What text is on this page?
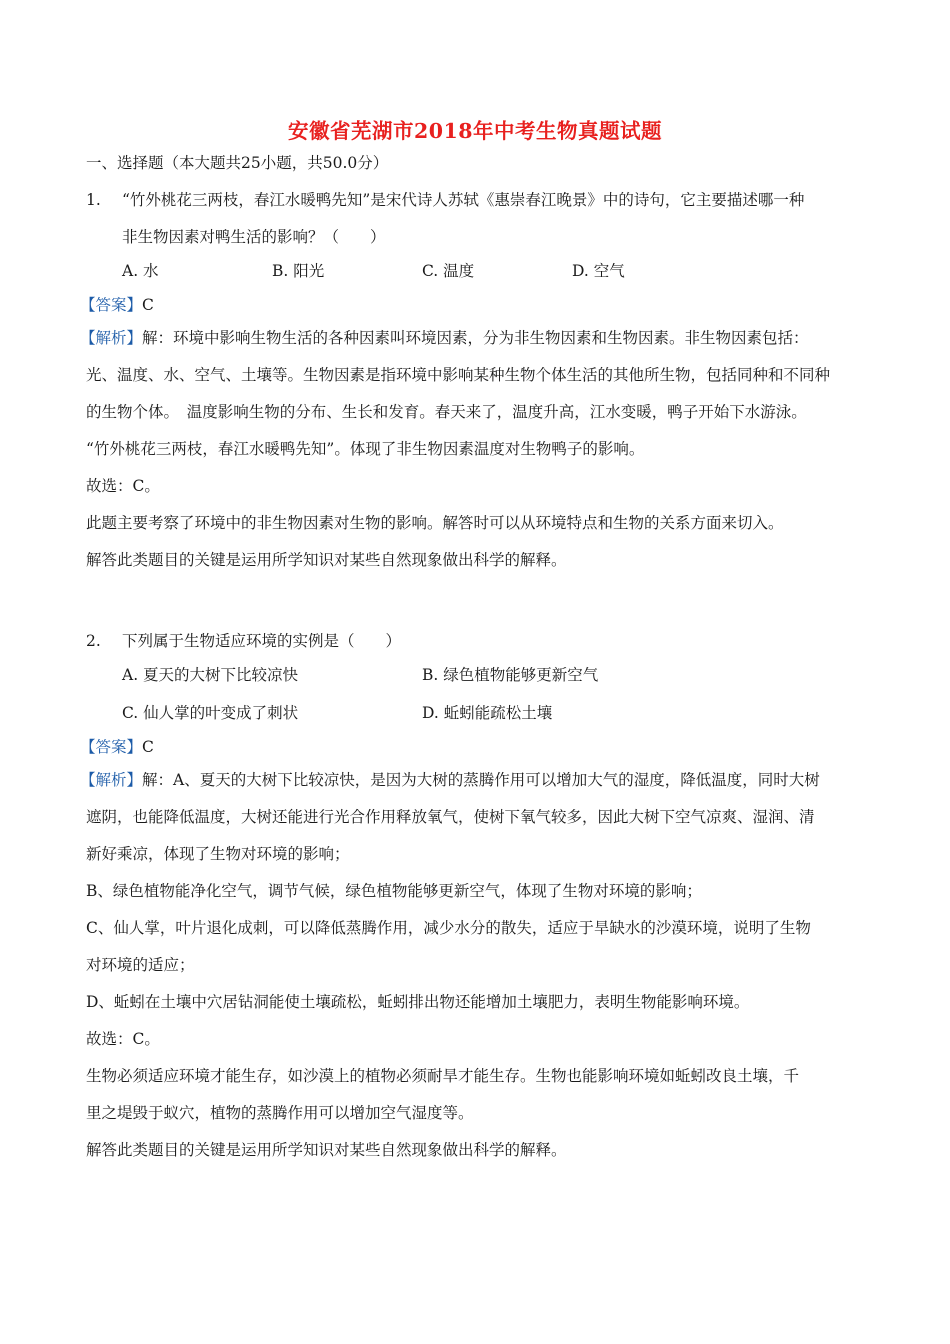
安徽省芜湖市2018年中考生物真题试题
一、选择题（本大题共25小题，共50.0分）
1. “竹外桃花三两枝，春江水暖鸭先知”是宋代诗人苏轼《惠崇春江晚景》中的诗句，它主要描述哪一种
非生物因素对鸭生活的影响？（　　）
A. 水	B. 阳光	C. 温度	D. 空气
【答案】C
【解析】解：环境中影响生物生活的各种因素叫环境因素，分为非生物因素和生物因素。非生物因素包括：
光、温度、水、空气、土壤等。生物因素是指环境中影响某种生物个体生活的其他所生物，包括同种和不同种
的生物个体。　温度影响生物的分布、生长和发育。春天来了，温度升高，江水变暖，鸭子开始下水游泳。
“竹外桃花三两枝，春江水暖鸭先知”。体现了非生物因素温度对生物鸭子的影响。
故选：C。
此题主要考察了环境中的非生物因素对生物的影响。解答时可以从环境特点和生物的关系方面来切入。
解答此类题目的关键是运用所学知识对某些自然现象做出科学的解释。
2. 下列属于生物适应环境的实例是（　　）
A. 夏天的大树下比较凉快	B. 绿色植物能够更新空气
C. 仙人掌的叶变成了刺状	D. 蚯蚓能疏松土壤
【答案】C
【解析】解：A、夏天的大树下比较凉快，是因为大树的蒸腾作用可以增加大气的湿度，降低温度，同时大树
遮阴，也能降低温度，大树还能进行光合作用释放氧气，使树下氧气较多，因此大树下空气凉爽、湿润、清
新好乘凉，体现了生物对环境的影响；
B、绿色植物能净化空气，调节气候，绿色植物能够更新空气，体现了生物对环境的影响；
C、仙人掌，叶片退化成刺，可以降低蒸腾作用，减少水分的散失，适应于旱缺水的沙漠环境，说明了生物
对环境的适应；
D、蚯蚓在土壤中穴居钻洞能使土壤疏松，蚯蚓排出物还能增加土壤肥力，表明生物能影响环境。
故选：C。
生物必须适应环境才能生存，如沙漠上的植物必须耐旱才能生存。生物也能影响环境如蚯蚓改良土壤，千
里之堤毁于蚁穴，植物的蒸腾作用可以增加空气湿度等。
解答此类题目的关键是运用所学知识对某些自然现象做出科学的解释。
